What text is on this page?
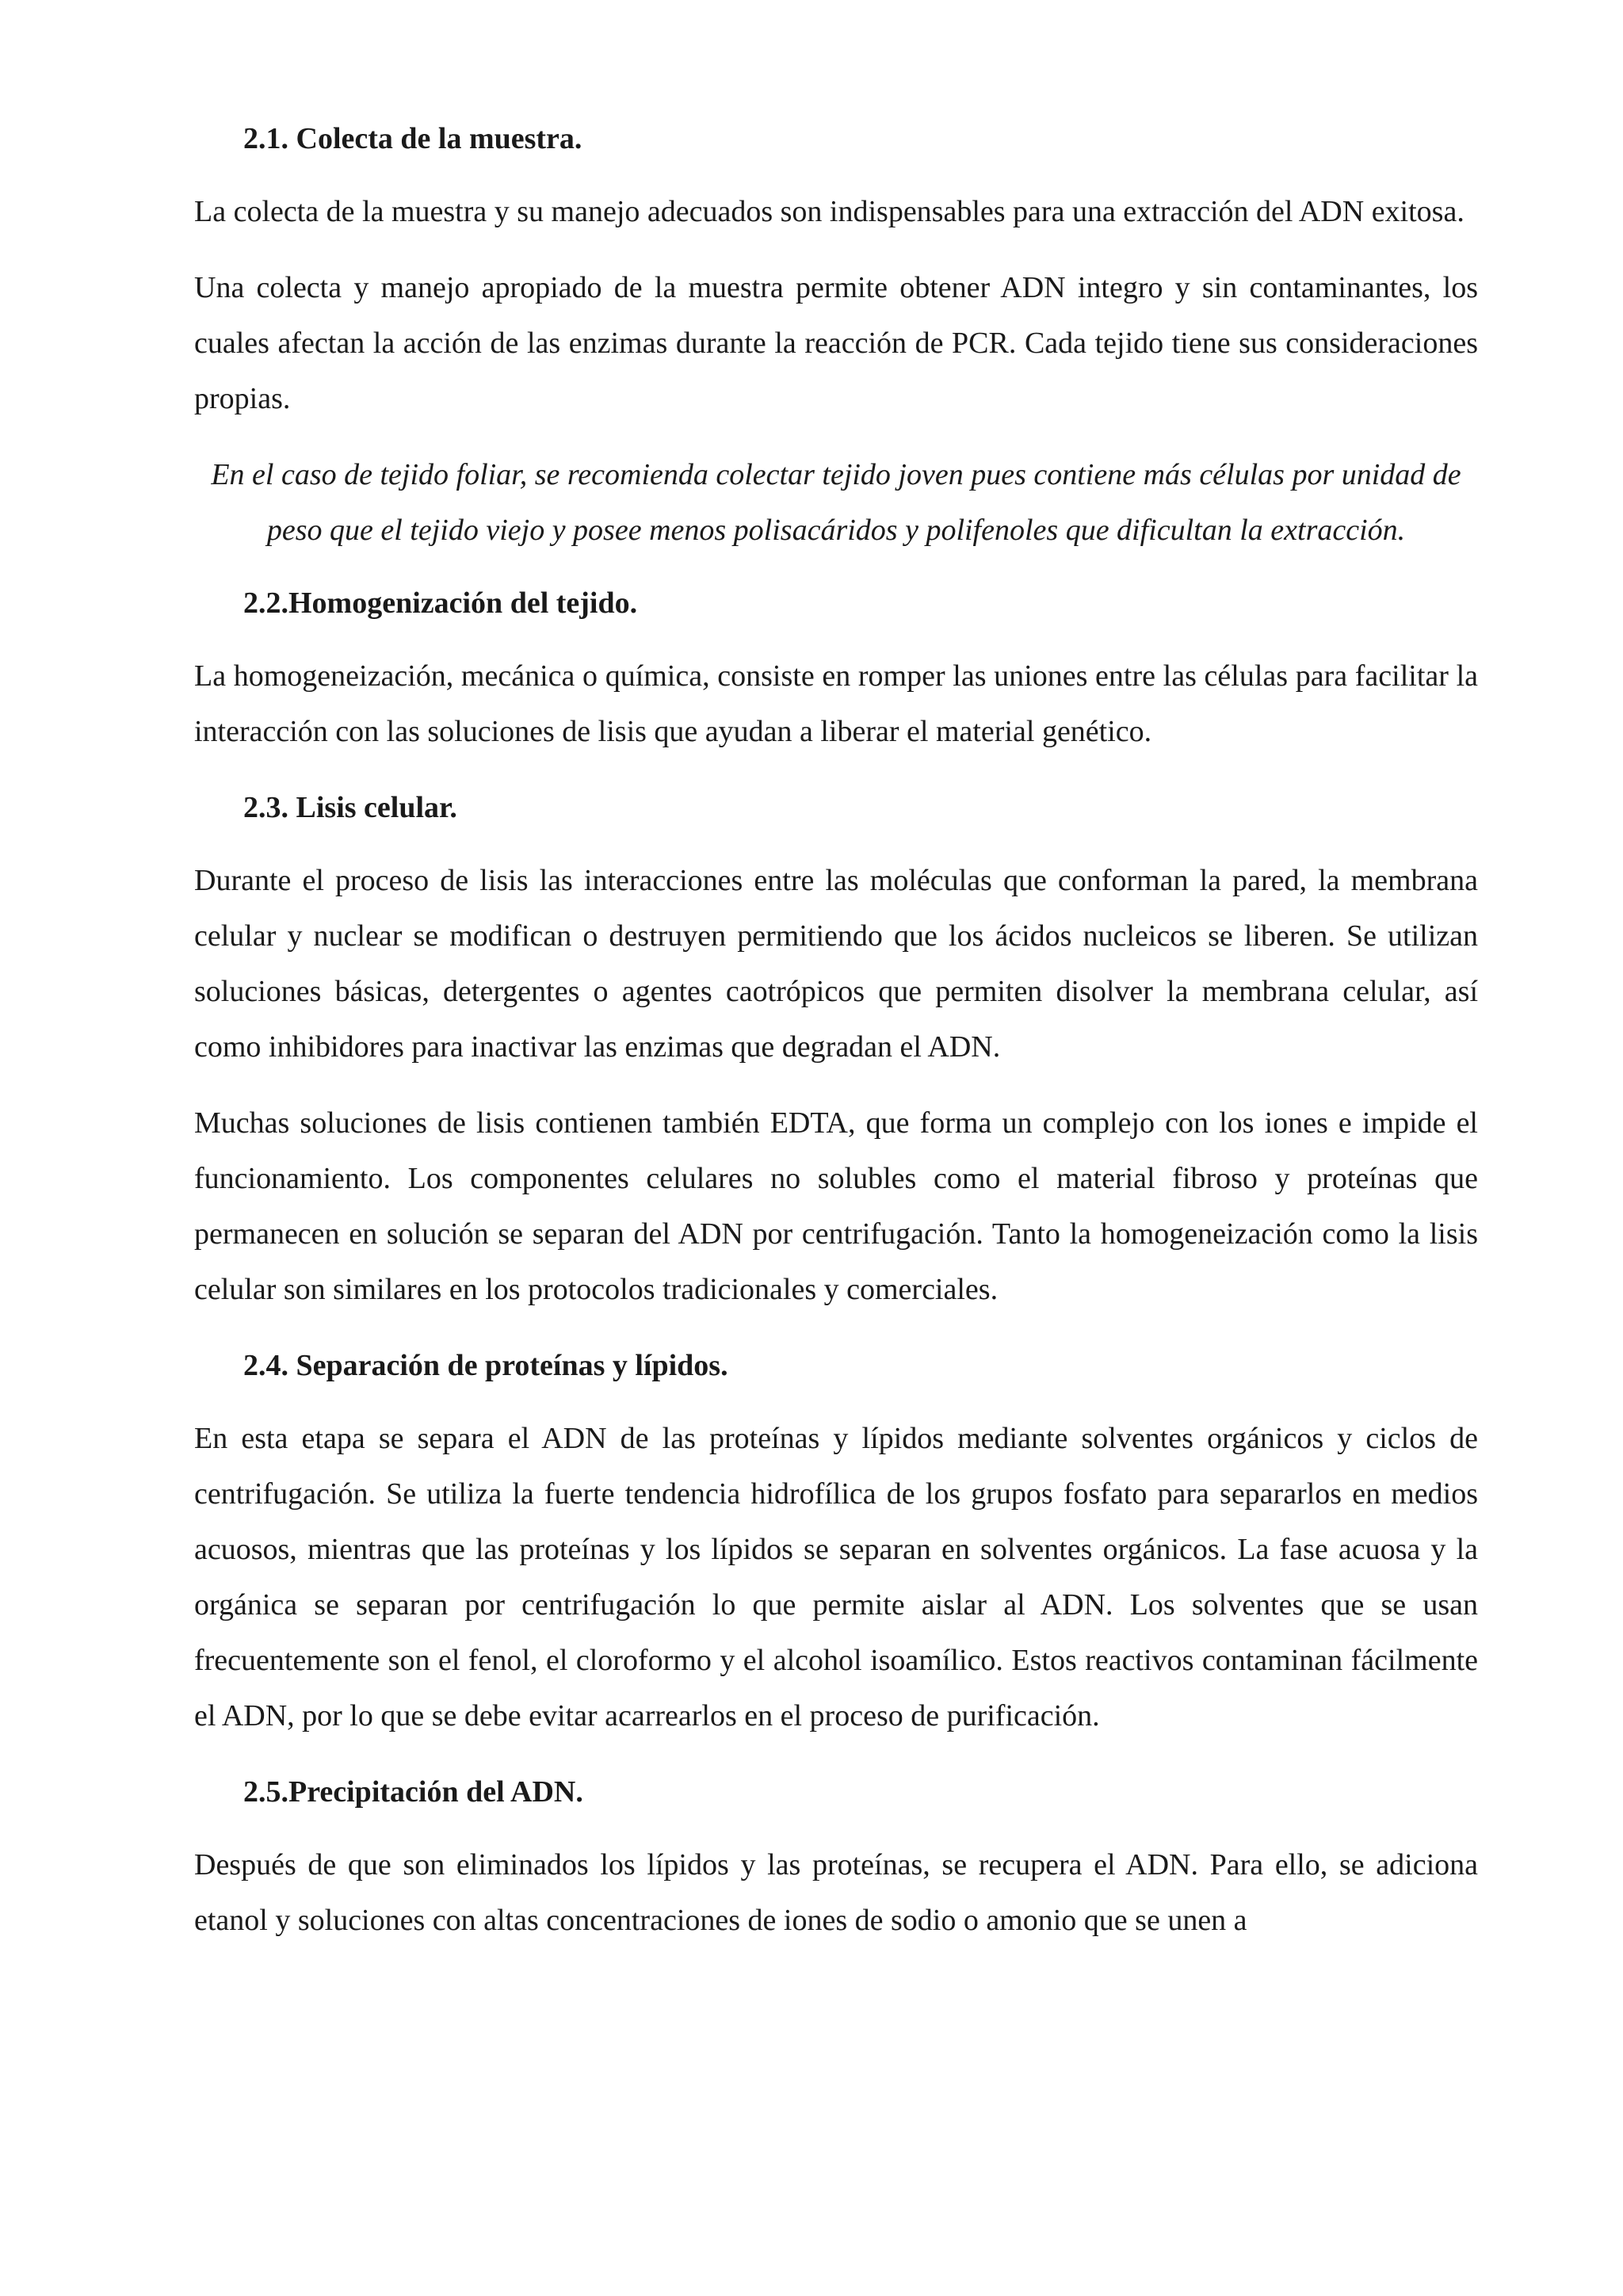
2.1. Colecta de la muestra.

La colecta de la muestra y su manejo adecuados son indispensables para una extracción del ADN exitosa.

Una colecta y manejo apropiado de la muestra permite obtener ADN integro y sin contaminantes, los cuales afectan la acción de las enzimas durante la reacción de PCR. Cada tejido tiene sus consideraciones propias.

En el caso de tejido foliar, se recomienda colectar tejido joven pues contiene más células por unidad de peso que el tejido viejo y posee menos polisacáridos y polifenoles que dificultan la extracción.

2.2.Homogenización del tejido.

La homogeneización, mecánica o química, consiste en romper las uniones entre las células para facilitar la interacción con las soluciones de lisis que ayudan a liberar el material genético.

2.3. Lisis celular.

Durante el proceso de lisis las interacciones entre las moléculas que conforman la pared, la membrana celular y nuclear se modifican o destruyen permitiendo que los ácidos nucleicos se liberen. Se utilizan soluciones básicas, detergentes o agentes caotrópicos que permiten disolver la membrana celular, así como inhibidores para inactivar las enzimas que degradan el ADN.

Muchas soluciones de lisis contienen también EDTA, que forma un complejo con los iones e impide el funcionamiento. Los componentes celulares no solubles como el material fibroso y proteínas que permanecen en solución se separan del ADN por centrifugación. Tanto la homogeneización como la lisis celular son similares en los protocolos tradicionales y comerciales.

2.4. Separación de proteínas y lípidos.

En esta etapa se separa el ADN de las proteínas y lípidos mediante solventes orgánicos y ciclos de centrifugación. Se utiliza la fuerte tendencia hidrofílica de los grupos fosfato para separarlos en medios acuosos, mientras que las proteínas y los lípidos se separan en solventes orgánicos. La fase acuosa y la orgánica se separan por centrifugación lo que permite aislar al ADN. Los solventes que se usan frecuentemente son el fenol, el cloroformo y el alcohol isoamílico. Estos reactivos contaminan fácilmente el ADN, por lo que se debe evitar acarrearlos en el proceso de purificación.

2.5.Precipitación del ADN.

Después de que son eliminados los lípidos y las proteínas, se recupera el ADN. Para ello, se adiciona etanol y soluciones con altas concentraciones de iones de sodio o amonio que se unen a
